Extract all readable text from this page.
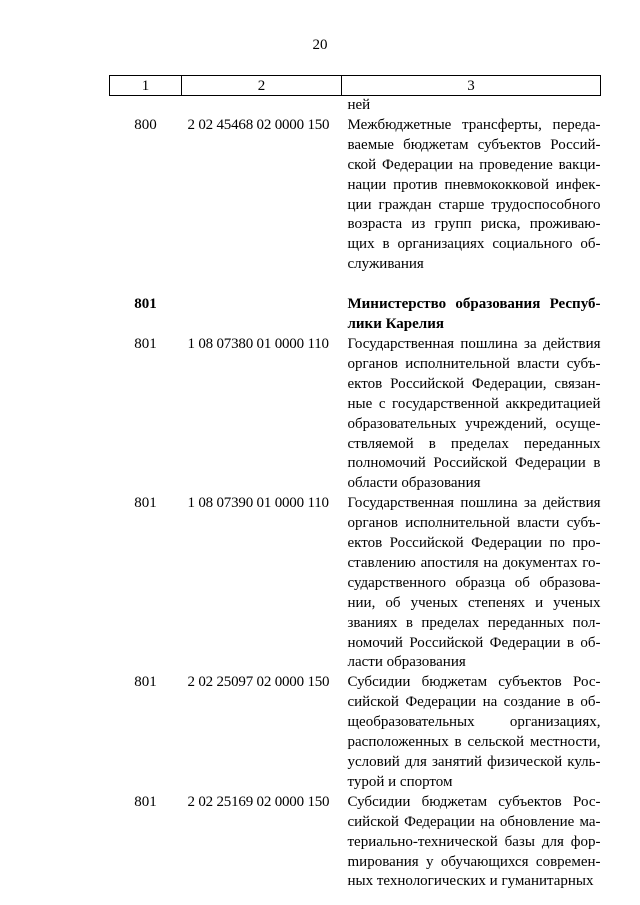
20
1	2	3
		ней
800	2 02 45468 02 0000 150	Межбюджетные трансферты, передаваемые бюджетам субъектов Российской Федерации на проведение вакцинации против пневмококковой инфекции граждан старше трудоспособного возраста из групп риска, проживающих в организациях социального обслуживания

801		Министерство образования Республики Карелия
801	1 08 07380 01 0000 110	Государственная пошлина за действия органов исполнительной власти субъектов Российской Федерации, связанные с государственной аккредитацией образовательных учреждений, осуществляемой в пределах переданных полномочий Российской Федерации в области образования
801	1 08 07390 01 0000 110	Государственная пошлина за действия органов исполнительной власти субъектов Российской Федерации по проставлению апостиля на документах государственного образца об образовании, об ученых степенях и ученых званиях в пределах переданных полномочий Российской Федерации в области образования
801	2 02 25097 02 0000 150	Субсидии бюджетам субъектов Российской Федерации на создание в общеобразовательных организациях, расположенных в сельской местности, условий для занятий физической культурой и спортом
801	2 02 25169 02 0000 150	Субсидии бюджетам субъектов Российской Федерации на обновление материально-технической базы для форmирования у обучающихся современных технологических и гуманитарных
